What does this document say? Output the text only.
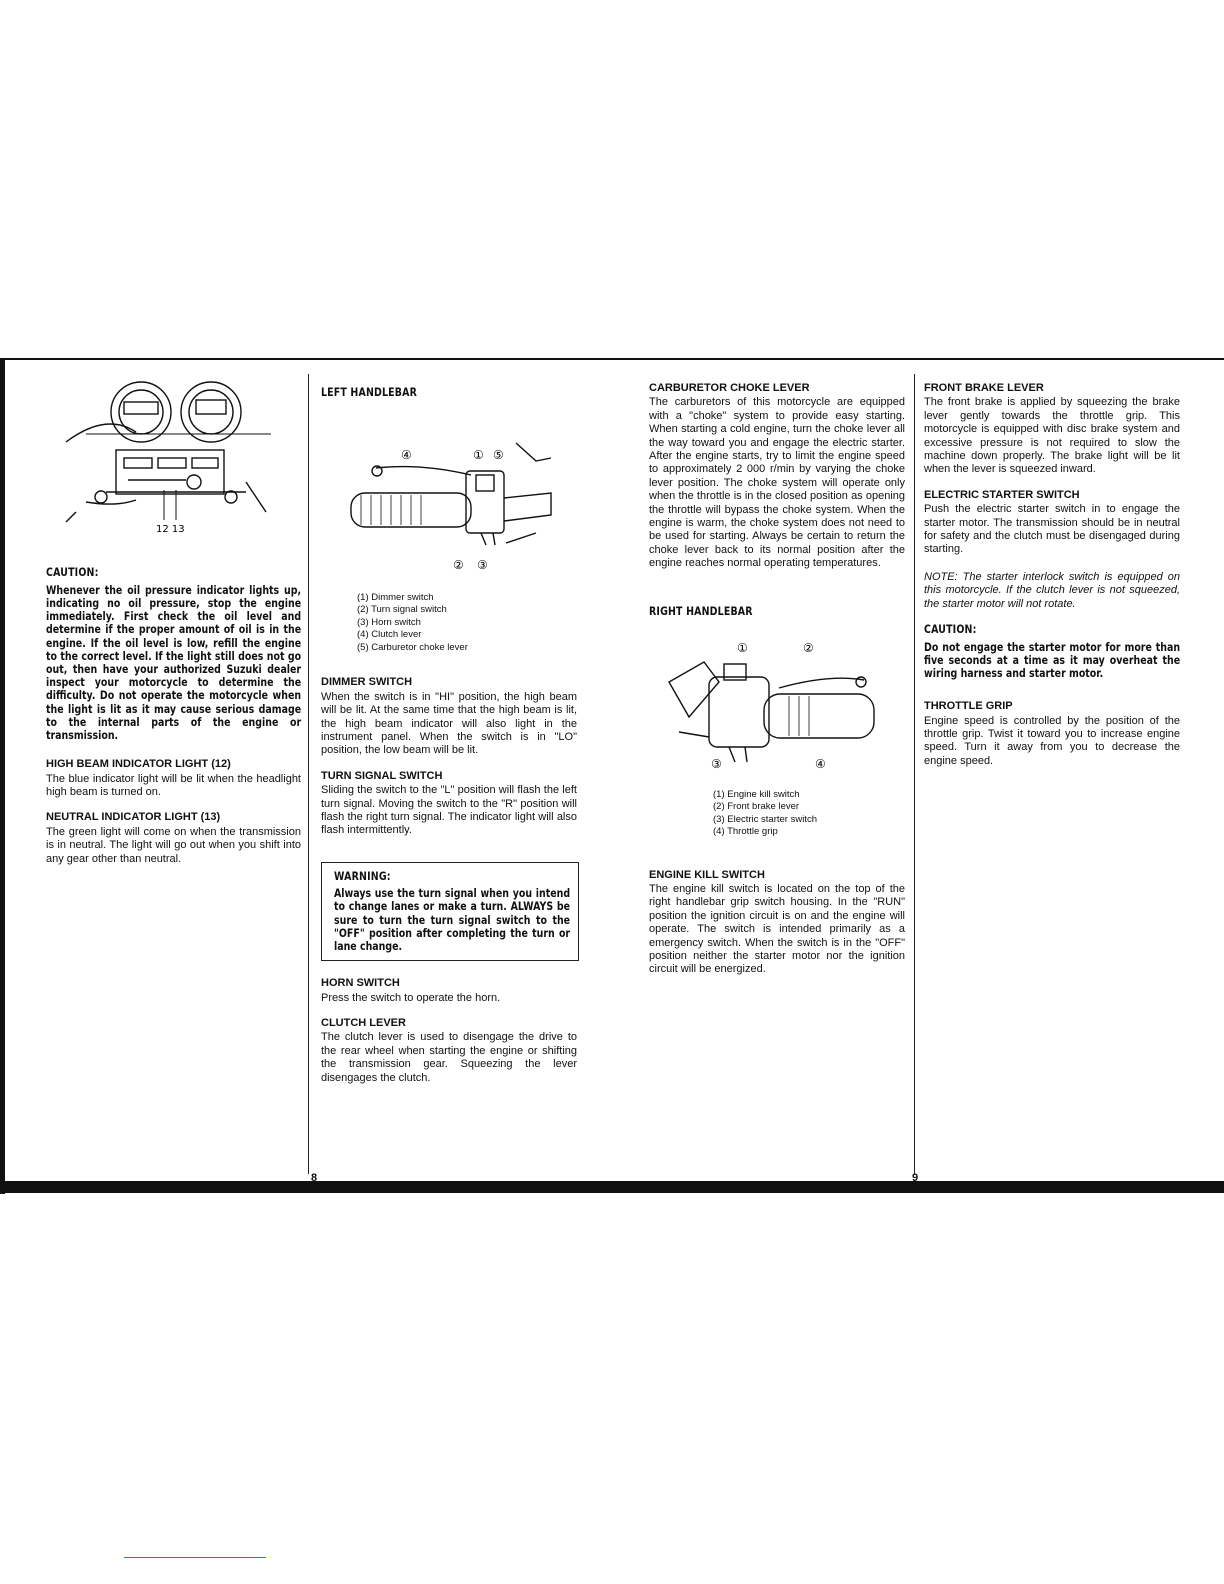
12 13
CAUTION:
Whenever the oil pressure indicator lights up, indicating no oil pressure, stop the engine immediately. First check the oil level and determine if the proper amount of oil is in the engine. If the oil level is low, refill the engine to the correct level. If the light still does not go out, then have your authorized Suzuki dealer inspect your motorcycle to determine the difficulty. Do not operate the motorcycle when the light is lit as it may cause serious damage to the internal parts of the engine or transmission.
HIGH BEAM INDICATOR LIGHT (12)

The blue indicator light will be lit when the headlight high beam is turned on.

NEUTRAL INDICATOR LIGHT (13)

The green light will come on when the transmission is in neutral. The light will go out when you shift into any gear other than neutral.

LEFT HANDLEBAR
④	① ⑤
② ③
(1) Dimmer switch
(2) Turn signal switch
(3) Horn switch
(4) Clutch lever
(5) Carburetor choke lever
DIMMER SWITCH

When the switch is in "HI" position, the high beam will be lit. At the same time that the high beam is lit, the high beam indicator will also light in the instrument panel. When the switch is in "LO" position, the low beam will be lit.

TURN SIGNAL SWITCH

Sliding the switch to the "L" position will flash the left turn signal. Moving the switch to the "R" position will flash the right turn signal. The indicator light will also flash intermittently.

WARNING:
Always use the turn signal when you intend to change lanes or make a turn. ALWAYS be sure to turn the turn signal switch to the "OFF" position after completing the turn or lane change.
HORN SWITCH

Press the switch to operate the horn.

CLUTCH LEVER

The clutch lever is used to disengage the drive to the rear wheel when starting the engine or shifting the transmission gear. Squeezing the lever disengages the clutch.

CARBURETOR CHOKE LEVER

The carburetors of this motorcycle are equipped with a "choke" system to provide easy starting. When starting a cold engine, turn the choke lever all the way toward you and engage the electric starter. After the engine starts, try to limit the engine speed to approximately 2 000 r/min by varying the choke lever position. The choke system will operate only when the throttle is in the closed position as opening the throttle will bypass the choke system. When the engine is warm, the choke system does not need to be used for starting. Always be certain to return the choke lever back to its normal position after the engine reaches normal operating temperatures.

RIGHT HANDLEBAR
①	②
③	④
(1) Engine kill switch
(2) Front brake lever
(3) Electric starter switch
(4) Throttle grip
ENGINE KILL SWITCH

The engine kill switch is located on the top of the right handlebar grip switch housing. In the "RUN" position the ignition circuit is on and the engine will operate. The switch is intended primarily as a emergency switch. When the switch is in the "OFF" position neither the starter motor nor the ignition circuit will be energized.

FRONT BRAKE LEVER

The front brake is applied by squeezing the brake lever gently towards the throttle grip. This motorcycle is equipped with disc brake system and excessive pressure is not required to slow the machine down properly. The brake light will be lit when the lever is squeezed inward.

ELECTRIC STARTER SWITCH

Push the electric starter switch in to engage the starter motor. The transmission should be in neutral for safety and the clutch must be disengaged during starting.

NOTE: The starter interlock switch is equipped on this motorcycle. If the clutch lever is not squeezed, the starter motor will not rotate.

CAUTION:
Do not engage the starter motor for more than five seconds at a time as it may overheat the wiring harness and starter motor.
THROTTLE GRIP

Engine speed is controlled by the position of the throttle grip. Twist it toward you to increase engine speed. Turn it away from you to decrease the engine speed.

8	9
